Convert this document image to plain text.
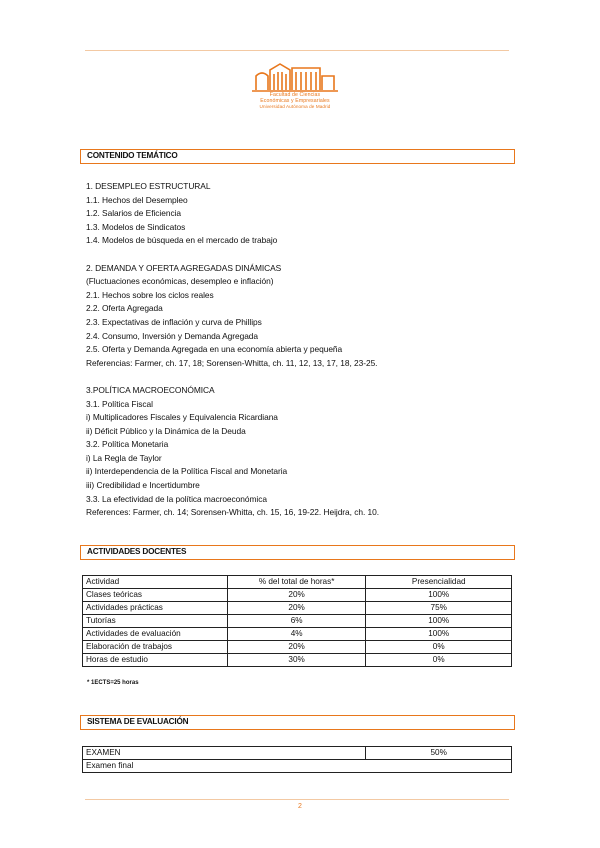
Facultad de Ciencias
Económicas y Empresariales
Universidad Autónoma de Madrid
CONTENIDO TEMÁTICO
1. DESEMPLEO ESTRUCTURAL
1.1. Hechos del Desempleo
1.2. Salarios de Eficiencia
1.3. Modelos de Sindicatos
1.4. Modelos de búsqueda en el mercado de trabajo
2. DEMANDA Y OFERTA AGREGADAS DINÁMICAS
(Fluctuaciones económicas, desempleo e inflación)
2.1. Hechos sobre los ciclos reales
2.2. Oferta Agregada
2.3. Expectativas de inflación y curva de Phillips
2.4. Consumo, Inversión y Demanda Agregada
2.5. Oferta y Demanda Agregada en una economía abierta y pequeña
Referencias: Farmer, ch. 17, 18; Sorensen-Whitta, ch. 11, 12, 13, 17, 18, 23-25.
3.POLÍTICA MACROECONÓMICA
3.1. Política Fiscal
i) Multiplicadores Fiscales y Equivalencia Ricardiana
ii) Déficit Público y la Dinámica de la Deuda
3.2. Política Monetaria
i) La Regla de Taylor
ii) Interdependencia de la Política Fiscal and Monetaria
iii) Credibilidad e Incertidumbre
3.3. La efectividad de la política macroeconómica
References: Farmer, ch. 14; Sorensen-Whitta, ch. 15, 16, 19-22. Heijdra, ch. 10.
ACTIVIDADES DOCENTES
Actividad	% del total de horas*	Presencialidad
Clases teóricas	20%	100%
Actividades prácticas	20%	75%
Tutorías	6%	100%
Actividades de evaluación	4%	100%
Elaboración de trabajos	20%	0%
Horas de estudio	30%	0%
* 1ECTS=25 horas
SISTEMA DE EVALUACIÓN
EXAMEN	50%
Examen final
2
